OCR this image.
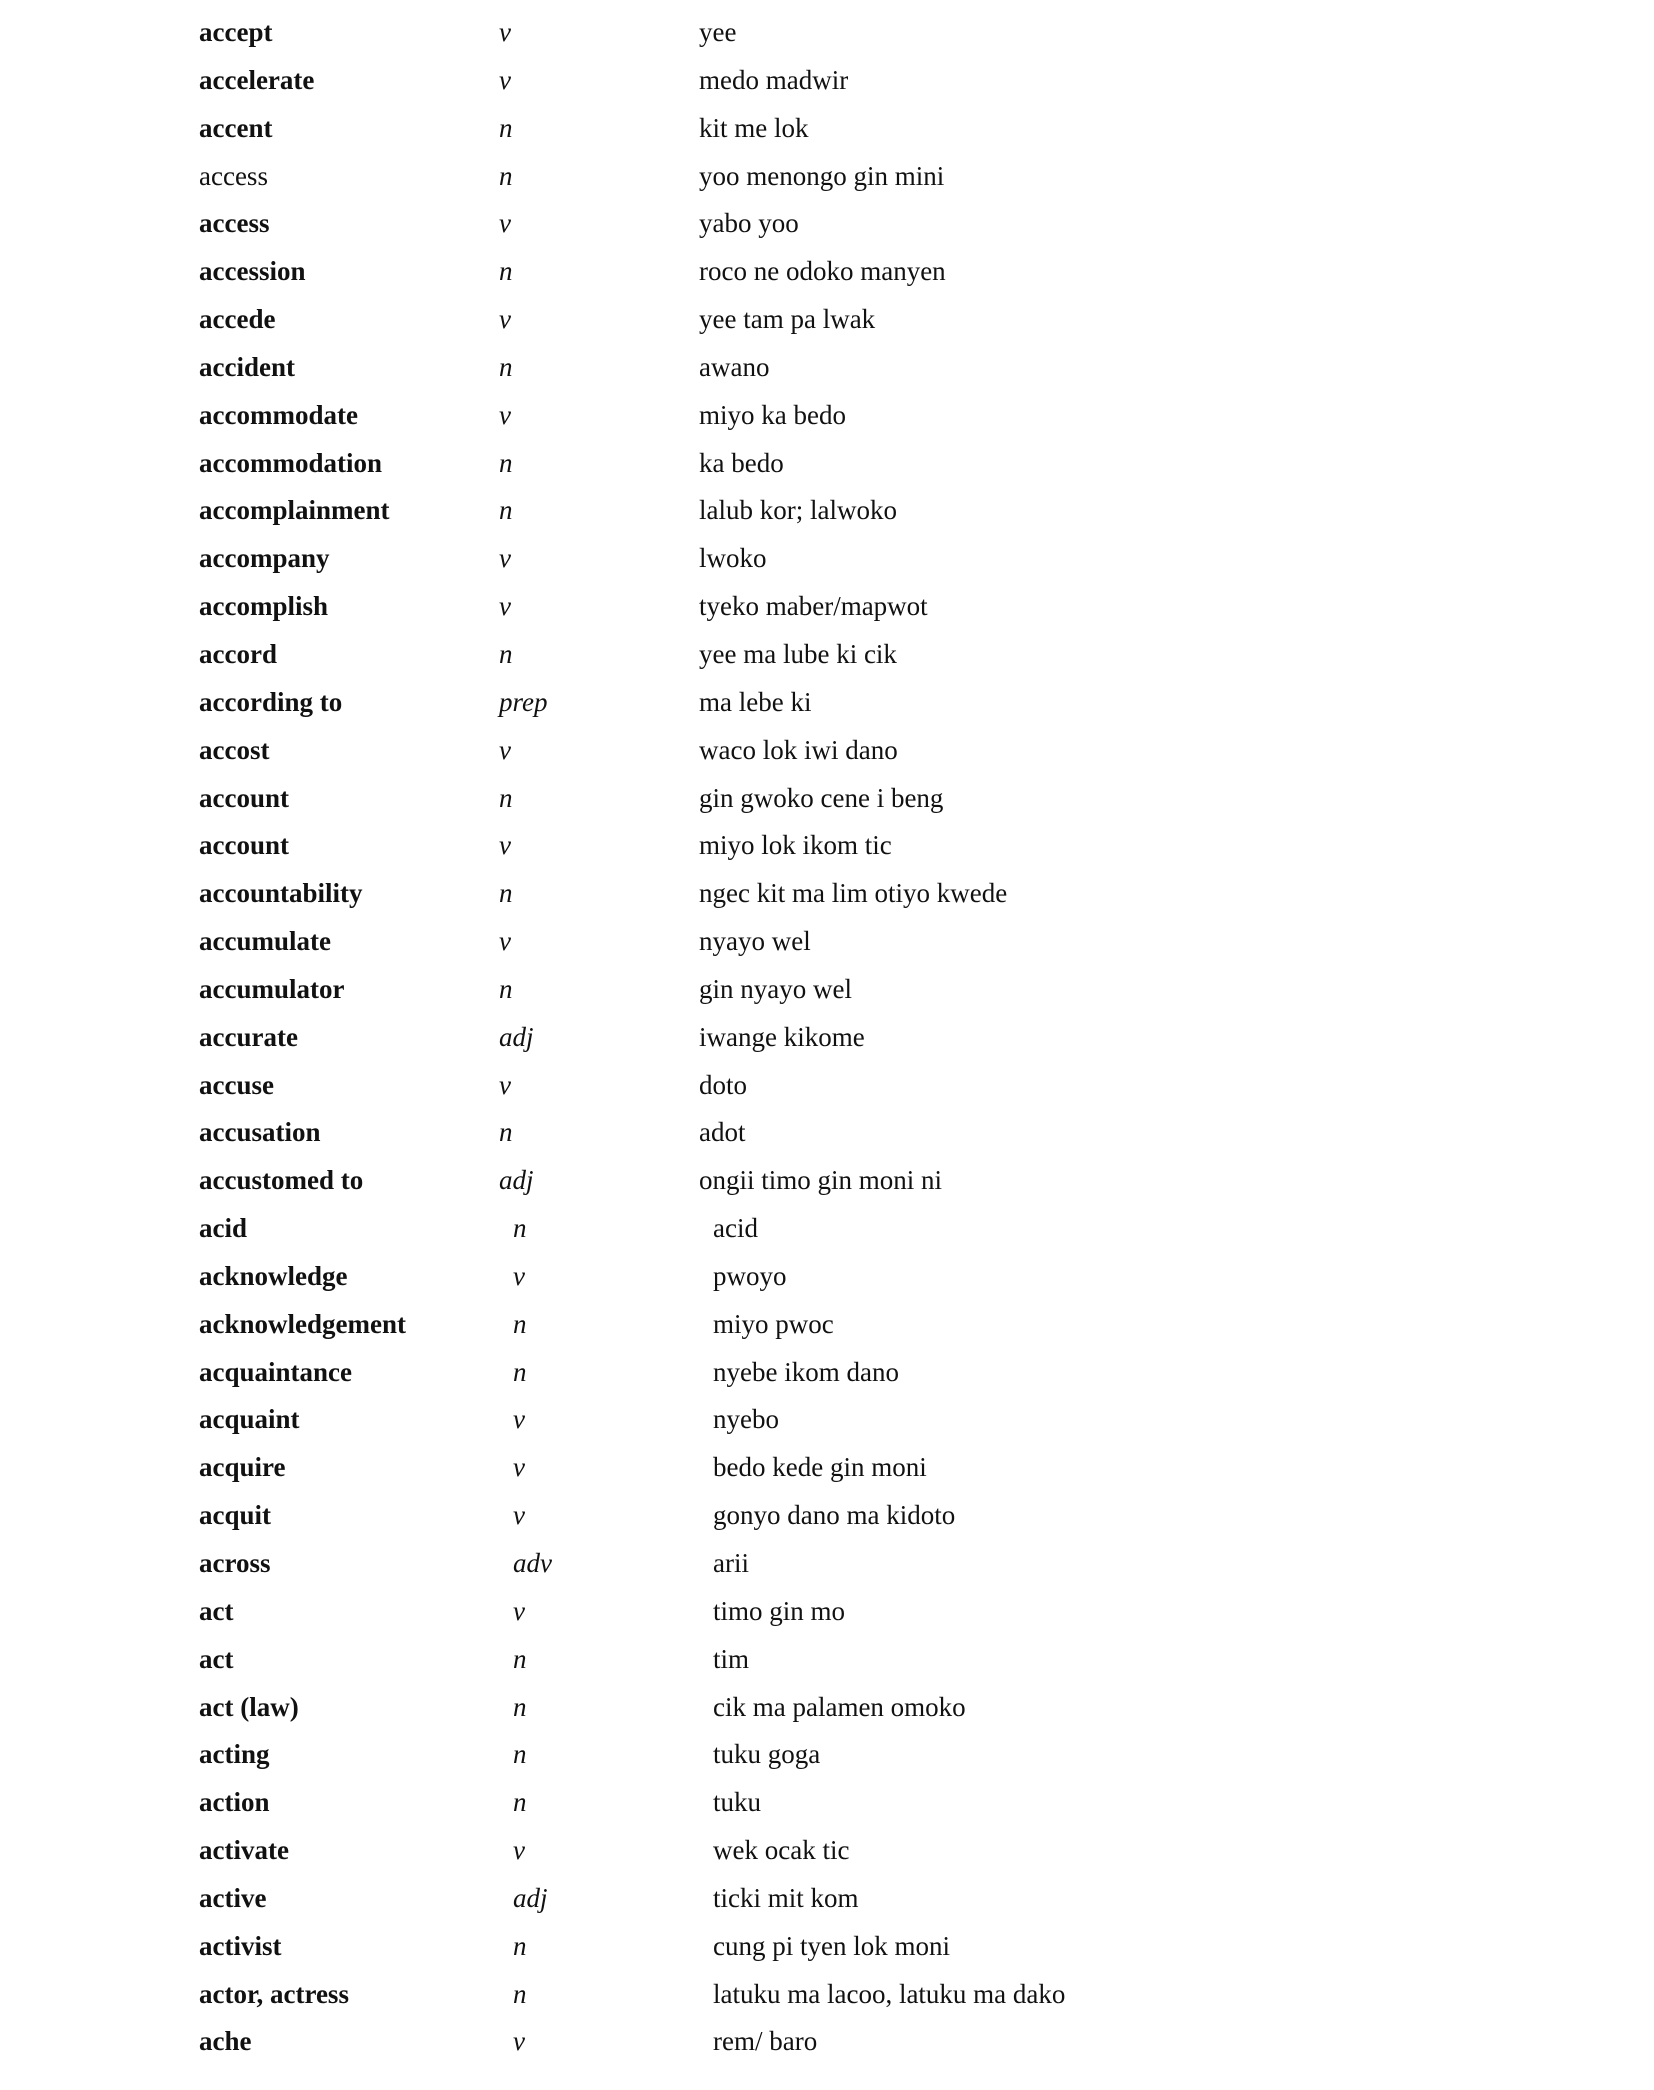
accept	v	yee
accelerate	v	medo madwir
accent	n	kit me lok
access	n	yoo menongo gin mini
access	v	yabo yoo
accession	n	roco ne odoko manyen
accede	v	yee tam pa lwak
accident	n	awano
accommodate	v	miyo ka bedo
accommodation	n	ka bedo
accomplainment	n	lalub kor; lalwoko
accompany	v	lwoko
accomplish	v	tyeko maber/mapwot
accord	n	yee ma lube ki cik
according to	prep	ma lebe ki
accost	v	waco lok iwi dano
account	n	gin gwoko cene i beng
account	v	miyo lok ikom tic
accountability	n	ngec kit ma lim otiyo kwede
accumulate	v	nyayo wel
accumulator	n	gin nyayo wel
accurate	adj	iwange kikome
accuse	v	doto
accusation	n	adot
accustomed to	adj	ongii timo gin moni ni
acid	n	acid
acknowledge	v	pwoyo
acknowledgement	n	miyo pwoc
acquaintance	n	nyebe ikom dano
acquaint	v	nyebo
acquire	v	bedo kede gin moni
acquit	v	gonyo dano ma kidoto
across	adv	arii
act	v	timo gin mo
act	n	tim
act (law)	n	cik ma palamen omoko
acting	n	tuku goga
action	n	tuku
activate	v	wek ocak tic
active	adj	ticki mit kom
activist	n	cung pi tyen lok moni
actor, actress	n	latuku ma lacoo, latuku ma dako
ache	v	rem/ baro
